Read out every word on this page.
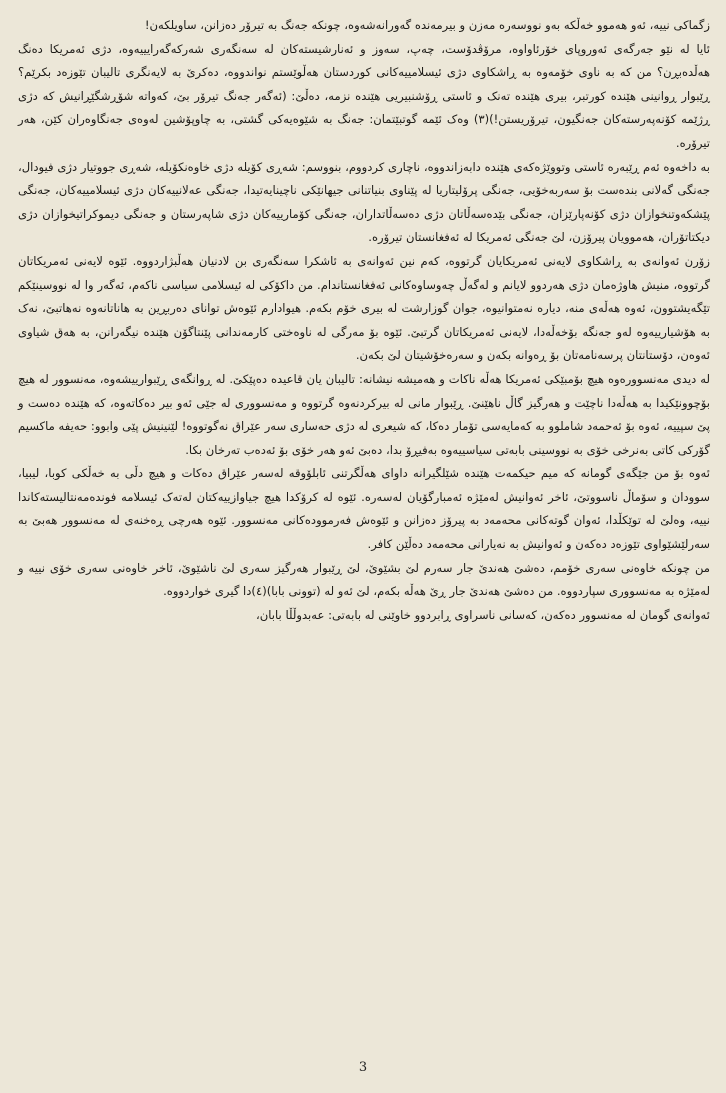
زگماکی نییە، ئەو هەموو خەڵکە بەو نووسەرە مەزن و بیرمەندە گەورانەشەوە، چونکە جەنگ بە تیرۆر دەزانن، ساویلکەن!

ئایا لە نێو جەرگەی ئەوروپای خۆرئاواوە، مرۆڤدۆست، چەپ، سەوز و ئەنارشیستەکان لە سەنگەری شەرکەگەرایییەوە، دژی ئەمریکا دەنگ هەڵدەبڕن؟ من کە بە ناوی خۆمەوە بە ڕاشکاوی دژی ئیسلامییەکانی کوردستان هەڵوێستم نواندووە، دەکرێ بە لایەنگری تالیبان تێوزەد بکرێم؟ ڕێبوار ڕوانینی هێندە کورتبر، بیری هێندە تەنک و ئاستی ڕۆشنبیریی هێندە نزمە، دەڵێ: (ئەگەر جەنگ تیرۆر بێ، کەواتە شۆڕشگێڕانیش کە دژی ڕژێمە کۆنەپەرستەکان جەنگیون، تیرۆریستن!)(٣) وەک ئێمە گوتبێتمان: جەنگ بە شێوەیەکی گشتی، بە چاوپۆشین لەوەی جەنگاوەران کێن، هەر تیرۆرە.

بە داخەوە ئەم ڕێبەرە ئاستی وتووێژەکەی هێندە دابەزاندووە، ناچاری کردووم، بنووسم: شەڕی کۆیلە دژی خاوەنکۆیلە، شەڕی جووتیار دژی فیودال، جەنگی گەلانی بندەست بۆ سەربەخۆیی، جەنگی پرۆلیتاریا لە پێناوی بنیاتنانی جیهانێکی ناچینایەتیدا، جەنگی عەلانییەکان دژی ئیسلامییەکان، جەنگی پێشکەوتنخوازان دژی کۆنەپارێزان، جەنگی بێدەسەڵاتان دژی دەسەڵاتداران، جەنگی کۆمارییەکان دژی شاپەرستان و جەنگی دیموکراتیخوازان دژی دیکتاتۆران، هەموویان پیرۆزن، لێ جەنگی ئەمریکا لە ئەفغانستان تیرۆرە.

زۆرن ئەوانەی بە ڕاشکاوی لایەنی ئەمریکایان گرتووە، کەم نین ئەوانەی بە ئاشکرا سەنگەری بن لادنیان هەڵبژاردووە. ئێوە لایەنی ئەمریکاتان گرتووە، منیش هاوژەمان دژی هەردوو لایانم و لەگەڵ چەوساوەکانی ئەفغانستاندام. من داکۆکی لە ئیسلامی سیاسی ناکەم، ئەگەر وا لە نووسینێکم تێگەیشتوون، ئەوە هەڵەی منە، دیارە نەمتوانیوە، جوان گوزارشت لە بیری خۆم بکەم. هیوادارم ئێوەش توانای دەربڕین بە هاناتانەوە نەهاتبێ، نەک بە هۆشیارییەوە لەو جەنگە بۆخەڵەدا، لایەنی ئەمریکاتان گرتبێ. ئێوە بۆ مەرگی لە ناوەختی کارمەندانی پێنتاگۆن هێندە نیگەرانن، بە هەق شیاوی ئەوەن، دۆستانتان پرسەنامەتان بۆ ڕەوانە بکەن و سەرەخۆشیتان لێ بکەن.

لە دیدی مەنسوورەوە هیچ بۆمبێکی ئەمریکا هەڵە ناکات و هەمیشە نیشانە: تالیبان یان قاعیدە دەپێکێ. لە ڕوانگەی ڕێبوارییشەوە، مەنسوور لە هیچ بۆچوونێکیدا بە هەڵەدا ناچێت و هەرگیز گاڵ ناهێنێ. ڕێبوار مانی لە بیرکردنەوە گرتووە و مەنسووری لە جێی ئەو بیر دەکاتەوە، کە هێندە دەست و پێ سپییە، ئەوە بۆ ئەحمەد شاملوو بە کەمایەسی تۆمار دەکا، کە شیعری لە دژی حەساری سەر عێراق نەگوتووە! لێنینیش پێی وابوو: حەیفە ماکسیم گۆرکی کاتی بەنرخی خۆی بە نووسینی بابەتی سیاسییەوە بەفیڕۆ بدا، دەبێ ئەو هەر خۆی بۆ ئەدەب تەرخان بکا.

ئەوە بۆ من جێگەی گومانە کە میم حیکمەت هێندە شێلگیرانە داوای هەڵگرتنی ئابلۆوقە لەسەر عێراق دەکات و هیچ دڵی بە خەڵکی کوبا، لیبیا، سوودان و سۆماڵ ناسووتێ، ئاخر ئەوانیش لەمێژە ئەمبارگۆیان لەسەرە. ئێوە لە کرۆکدا هیچ جیاوازییەکتان لەتەک ئیسلامە فوندەمەنتالیستەکاندا نییە، وەلێ لە توێکڵدا، ئەوان گوتەکانی محەمەد بە پیرۆز دەزانن و ئێوەش فەرموودەکانی مەنسوور. ئێوە هەرچی ڕەخنەی لە مەنسوور هەبێ بە سەرلێشێواوی تێوزەد دەکەن و ئەوانیش بە نەیارانی محەمەد دەڵێن کافر.

من چونکە خاوەنی سەری خۆمم، دەشێ هەندێ جار سەرم لێ بشێوێ، لێ ڕێبوار هەرگیز سەری لێ ناشێوێ، ئاخر خاوەنی سەری خۆی نییە و لەمێژە بە مەنسووری سپاردووە. من دەشێ هەندێ جار ڕێ هەڵە بکەم، لێ ئەو لە (توونی بابا)(٤)دا گیری خواردووە.

ئەوانەی گومان لە مەنسوور دەکەن، کەسانی ناسراوی ڕابردوو خاوێنی لە بابەتی: عەبدوڵڵا بابان،

3
